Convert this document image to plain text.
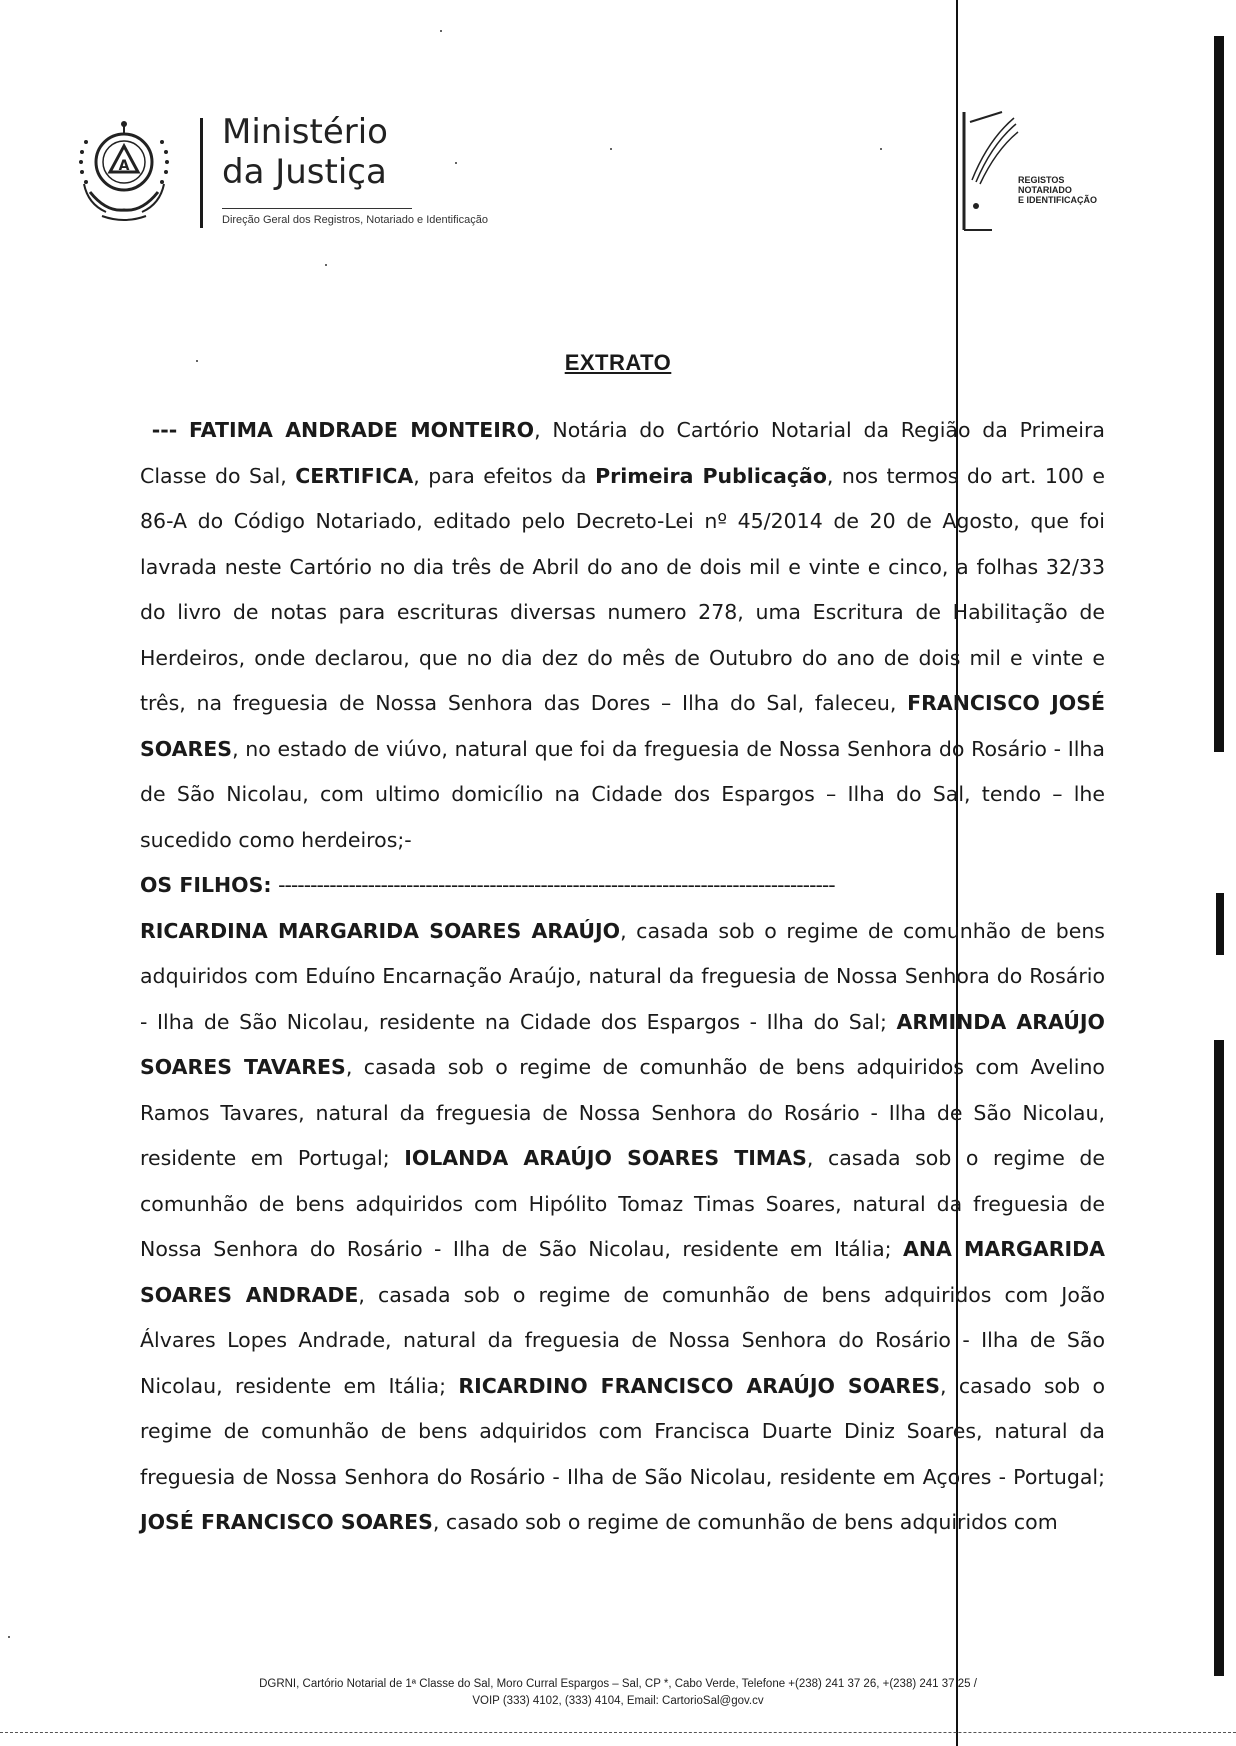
A
Ministério
da Justiça
Direção Geral dos Registros, Notariado e Identificação
REGISTOS
NOTARIADO
E IDENTIFICAÇÃO
EXTRATO

--- FATIMA ANDRADE MONTEIRO, Notária do Cartório Notarial da Região da Primeira Classe do Sal, CERTIFICA, para efeitos da Primeira Publicação, nos termos do art. 100 e 86-A do Código Notariado, editado pelo Decreto-Lei nº 45/2014 de 20 de Agosto, que foi lavrada neste Cartório no dia três de Abril do ano de dois mil e vinte e cinco, a folhas 32/33 do livro de notas para escrituras diversas numero 278, uma Escritura de Habilitação de Herdeiros, onde declarou, que no dia dez do mês de Outubro do ano de dois mil e vinte e três, na freguesia de Nossa Senhora das Dores – Ilha do Sal, faleceu, FRANCISCO JOSÉ SOARES, no estado de viúvo, natural que foi da freguesia de Nossa Senhora do Rosário - Ilha de São Nicolau, com ultimo domicílio na Cidade dos Espargos – Ilha do Sal, tendo – lhe sucedido como herdeiros;-

OS FILHOS: ---------------------------------------------------------------------------------------

RICARDINA MARGARIDA SOARES ARAÚJO, casada sob o regime de comunhão de bens adquiridos com Eduíno Encarnação Araújo, natural da freguesia de Nossa Senhora do Rosário - Ilha de São Nicolau, residente na Cidade dos Espargos - Ilha do Sal; ARMINDA ARAÚJO SOARES TAVARES, casada sob o regime de comunhão de bens adquiridos com Avelino Ramos Tavares, natural da freguesia de Nossa Senhora do Rosário - Ilha de São Nicolau, residente em Portugal; IOLANDA ARAÚJO SOARES TIMAS, casada sob o regime de comunhão de bens adquiridos com Hipólito Tomaz Timas Soares, natural da freguesia de Nossa Senhora do Rosário - Ilha de São Nicolau, residente em Itália; ANA MARGARIDA SOARES ANDRADE, casada sob o regime de comunhão de bens adquiridos com João Álvares Lopes Andrade, natural da freguesia de Nossa Senhora do Rosário - Ilha de São Nicolau, residente em Itália; RICARDINO FRANCISCO ARAÚJO SOARES, casado sob o regime de comunhão de bens adquiridos com Francisca Duarte Diniz Soares, natural da freguesia de Nossa Senhora do Rosário - Ilha de São Nicolau, residente em Açores - Portugal; JOSÉ FRANCISCO SOARES, casado sob o regime de comunhão de bens adquiridos com

DGRNI, Cartório Notarial de 1ª Classe do Sal, Moro Curral Espargos – Sal, CP *, Cabo Verde, Telefone +(238) 241 37 26, +(238) 241 37 25 /
VOIP (333) 4102, (333) 4104, Email: CartorioSal@gov.cv
